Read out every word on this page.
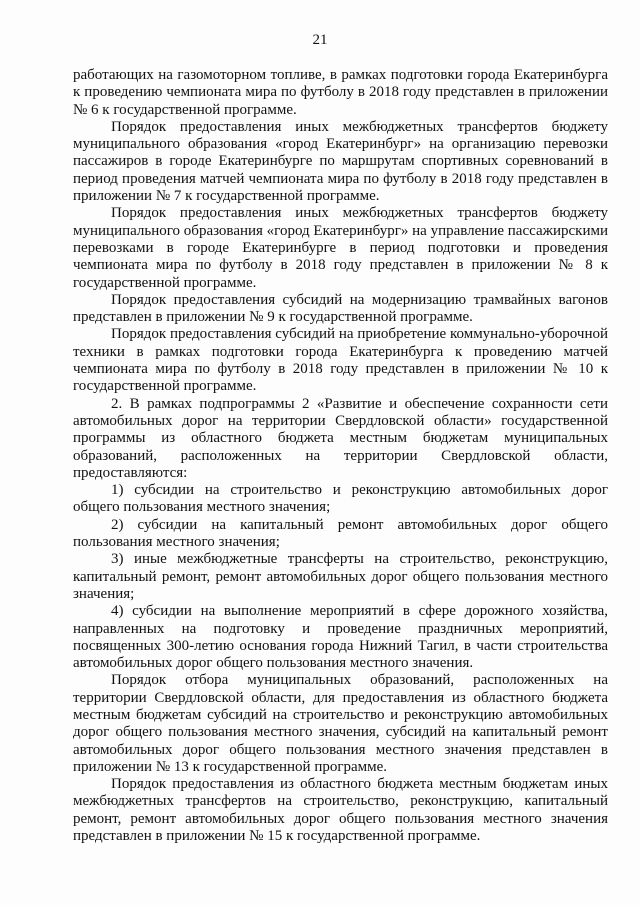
21

работающих на газомоторном топливе, в рамках подготовки города Екатеринбурга к проведению чемпионата мира по футболу в 2018 году представлен в приложении № 6 к государственной программе.

Порядок предоставления иных межбюджетных трансфертов бюджету муниципального образования «город Екатеринбург» на организацию перевозки пассажиров в городе Екатеринбурге по маршрутам спортивных соревнований в период проведения матчей чемпионата мира по футболу в 2018 году представлен в приложении № 7 к государственной программе.

Порядок предоставления иных межбюджетных трансфертов бюджету муниципального образования «город Екатеринбург» на управление пассажирскими перевозками в городе Екатеринбурге в период подготовки и проведения чемпионата мира по футболу в 2018 году представлен в приложении № 8 к государственной программе.

Порядок предоставления субсидий на модернизацию трамвайных вагонов представлен в приложении № 9 к государственной программе.

Порядок предоставления субсидий на приобретение коммунально-уборочной техники в рамках подготовки города Екатеринбурга к проведению матчей чемпионата мира по футболу в 2018 году представлен в приложении № 10 к государственной программе.

2. В рамках подпрограммы 2 «Развитие и обеспечение сохранности сети автомобильных дорог на территории Свердловской области» государственной программы из областного бюджета местным бюджетам муниципальных образований, расположенных на территории Свердловской области, предоставляются:

1) субсидии на строительство и реконструкцию автомобильных дорог общего пользования местного значения;

2) субсидии на капитальный ремонт автомобильных дорог общего пользования местного значения;

3) иные межбюджетные трансферты на строительство, реконструкцию, капитальный ремонт, ремонт автомобильных дорог общего пользования местного значения;

4) субсидии на выполнение мероприятий в сфере дорожного хозяйства, направленных на подготовку и проведение праздничных мероприятий, посвященных 300-летию основания города Нижний Тагил, в части строительства автомобильных дорог общего пользования местного значения.

Порядок отбора муниципальных образований, расположенных на территории Свердловской области, для предоставления из областного бюджета местным бюджетам субсидий на строительство и реконструкцию автомобильных дорог общего пользования местного значения, субсидий на капитальный ремонт автомобильных дорог общего пользования местного значения представлен в приложении № 13 к государственной программе.

Порядок предоставления из областного бюджета местным бюджетам иных межбюджетных трансфертов на строительство, реконструкцию, капитальный ремонт, ремонт автомобильных дорог общего пользования местного значения представлен в приложении № 15 к государственной программе.
